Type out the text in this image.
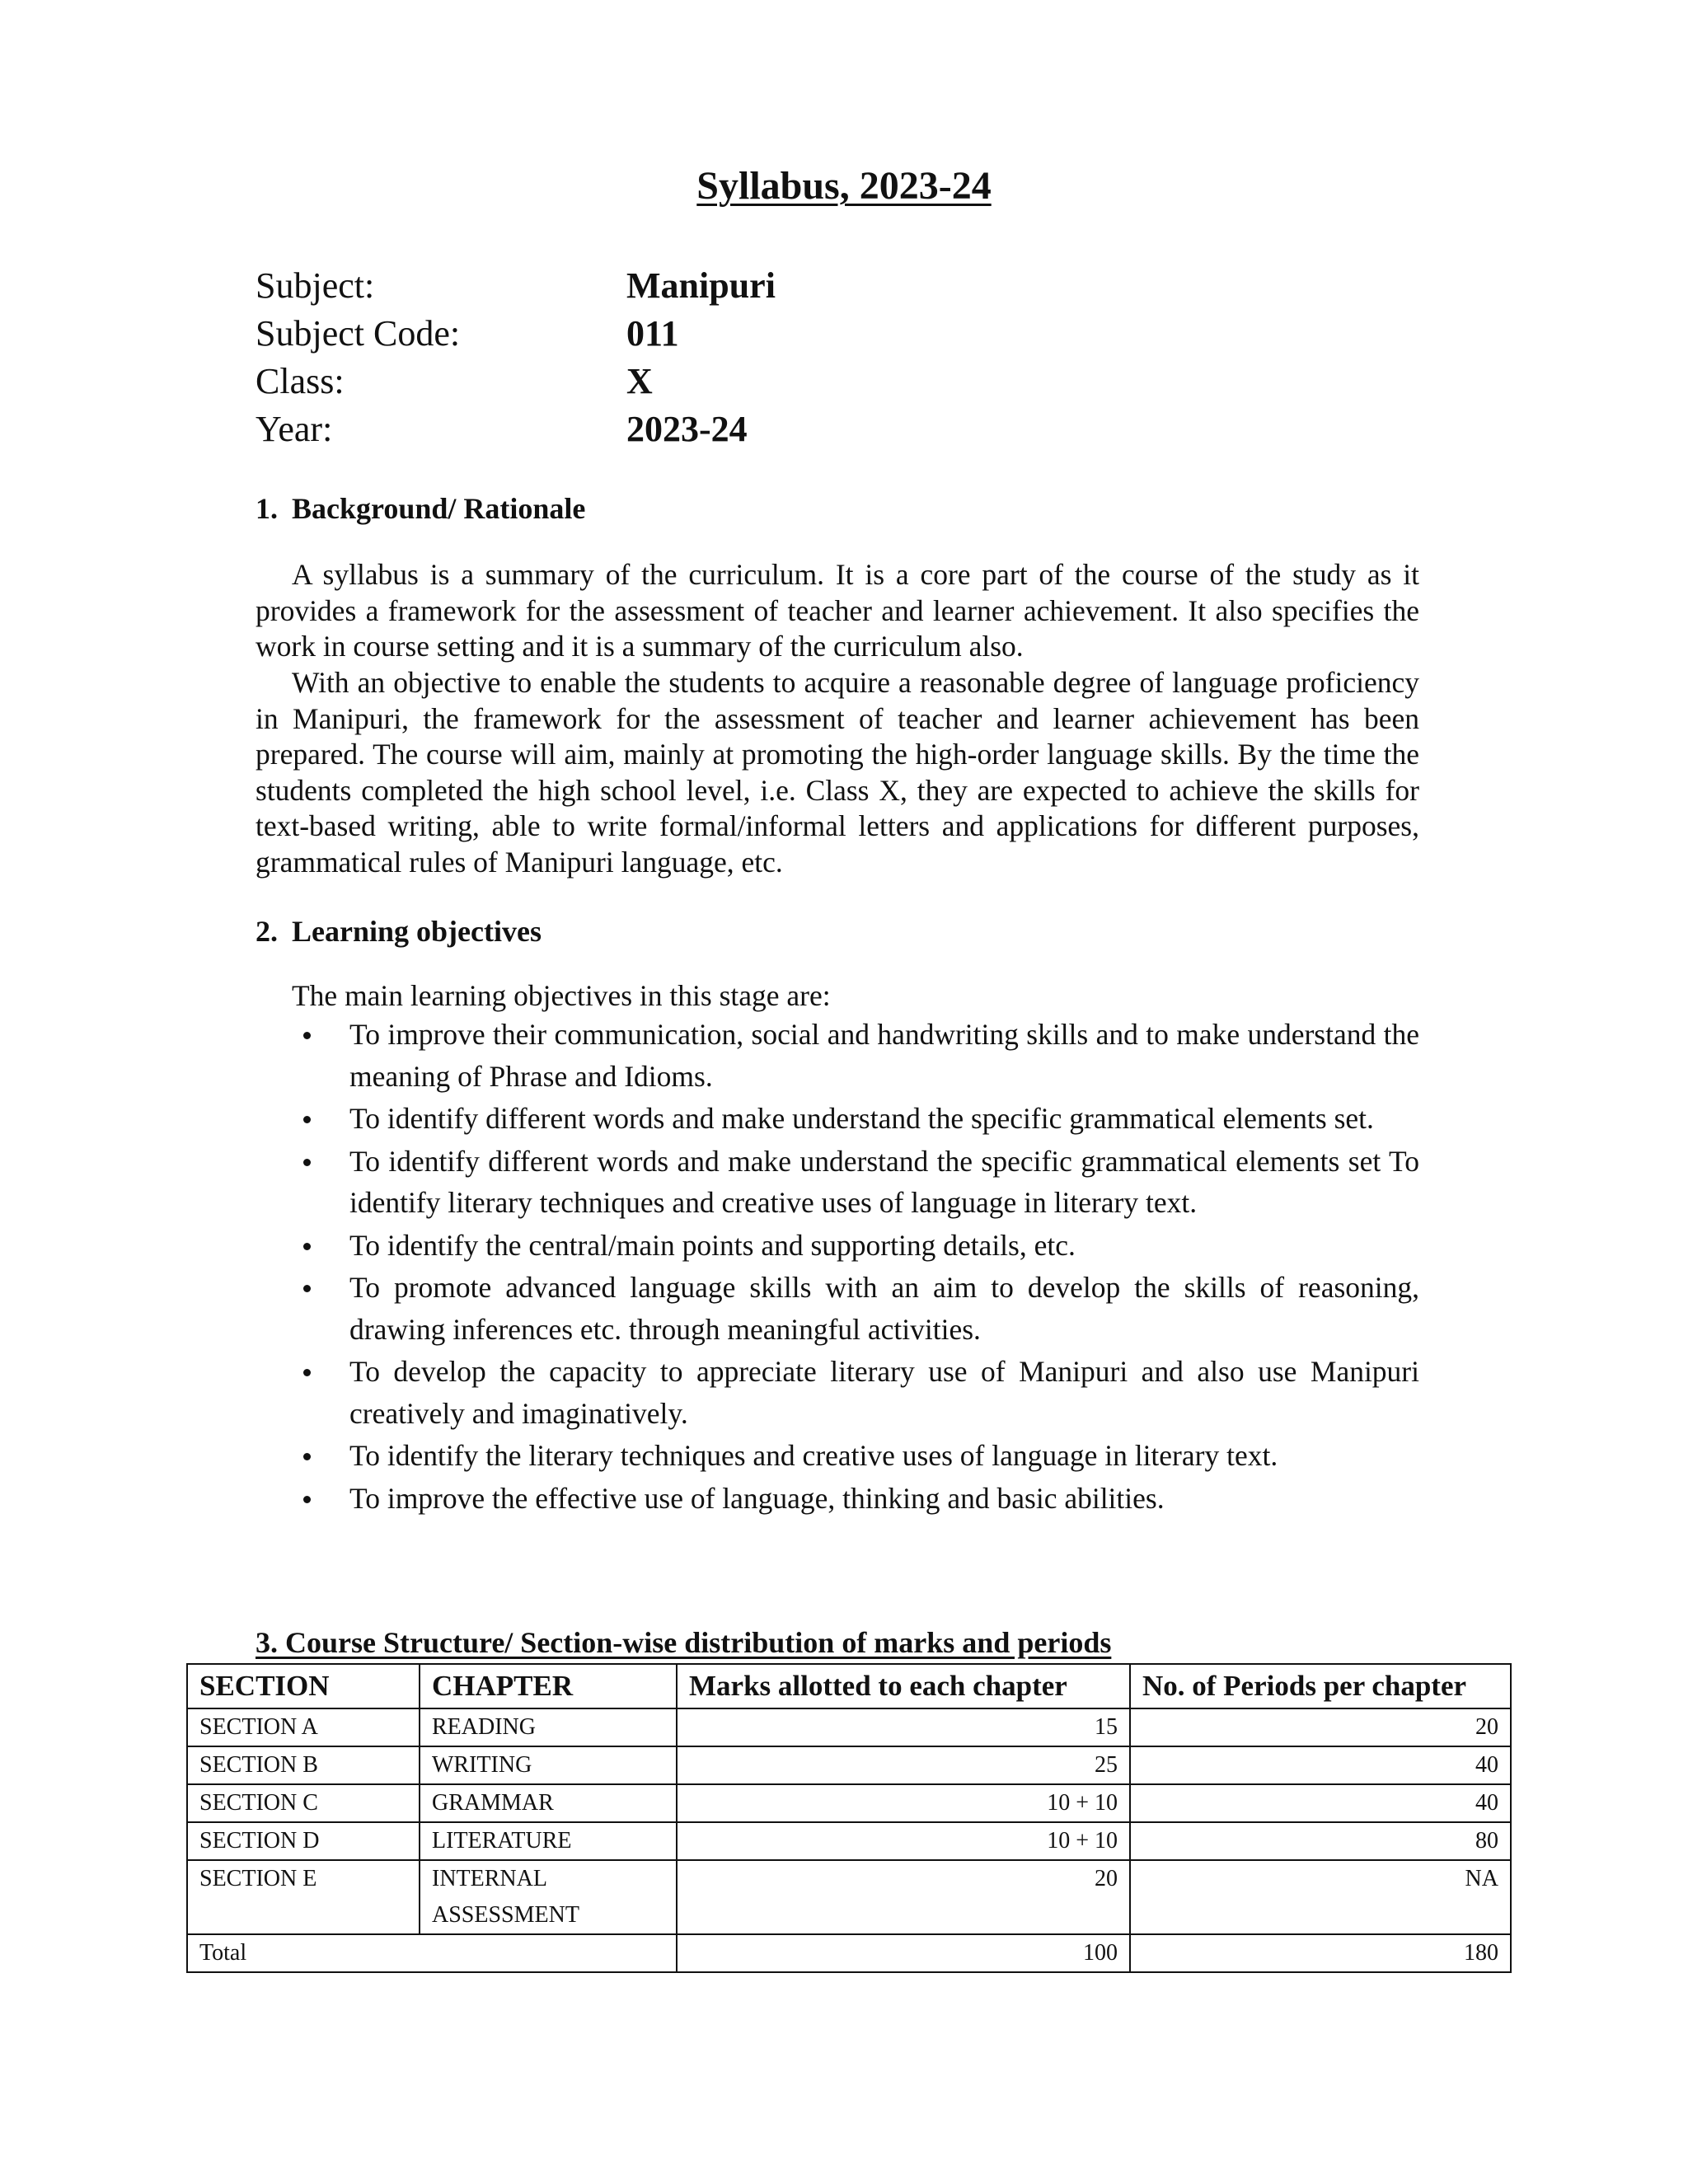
Syllabus, 2023-24
Subject:	Manipuri
Subject Code:	011
Class:	X
Year:	2023-24
1. Background/ Rationale

A syllabus is a summary of the curriculum. It is a core part of the course of the study as it provides a framework for the assessment of teacher and learner achievement. It also specifies the work in course setting and it is a summary of the curriculum also.

With an objective to enable the students to acquire a reasonable degree of language proficiency in Manipuri, the framework for the assessment of teacher and learner achievement has been prepared. The course will aim, mainly at promoting the high-order language skills. By the time the students completed the high school level, i.e. Class X, they are expected to achieve the skills for text-based writing, able to write formal/informal letters and applications for different purposes, grammatical rules of Manipuri language, etc.

2. Learning objectives
The main learning objectives in this stage are:
To improve their communication, social and handwriting skills and to make understand the meaning of Phrase and Idioms.
To identify different words and make understand the specific grammatical elements set.
To identify different words and make understand the specific grammatical elements set To identify literary techniques and creative uses of language in literary text.
To identify the central/main points and supporting details, etc.
To promote advanced language skills with an aim to develop the skills of reasoning, drawing inferences etc. through meaningful activities.
To develop the capacity to appreciate literary use of Manipuri and also use Manipuri creatively and imaginatively.
To identify the literary techniques and creative uses of language in literary text.
To improve the effective use of language, thinking and basic abilities.
3. Course Structure/ Section-wise distribution of marks and periods
SECTION	CHAPTER	Marks allotted to each chapter	No. of Periods per chapter
SECTION A	READING	15	20
SECTION B	WRITING	25	40
SECTION C	GRAMMAR	10 + 10	40
SECTION D	LITERATURE	10 + 10	80
SECTION E	INTERNAL ASSESSMENT	20	NA
Total		100	180
